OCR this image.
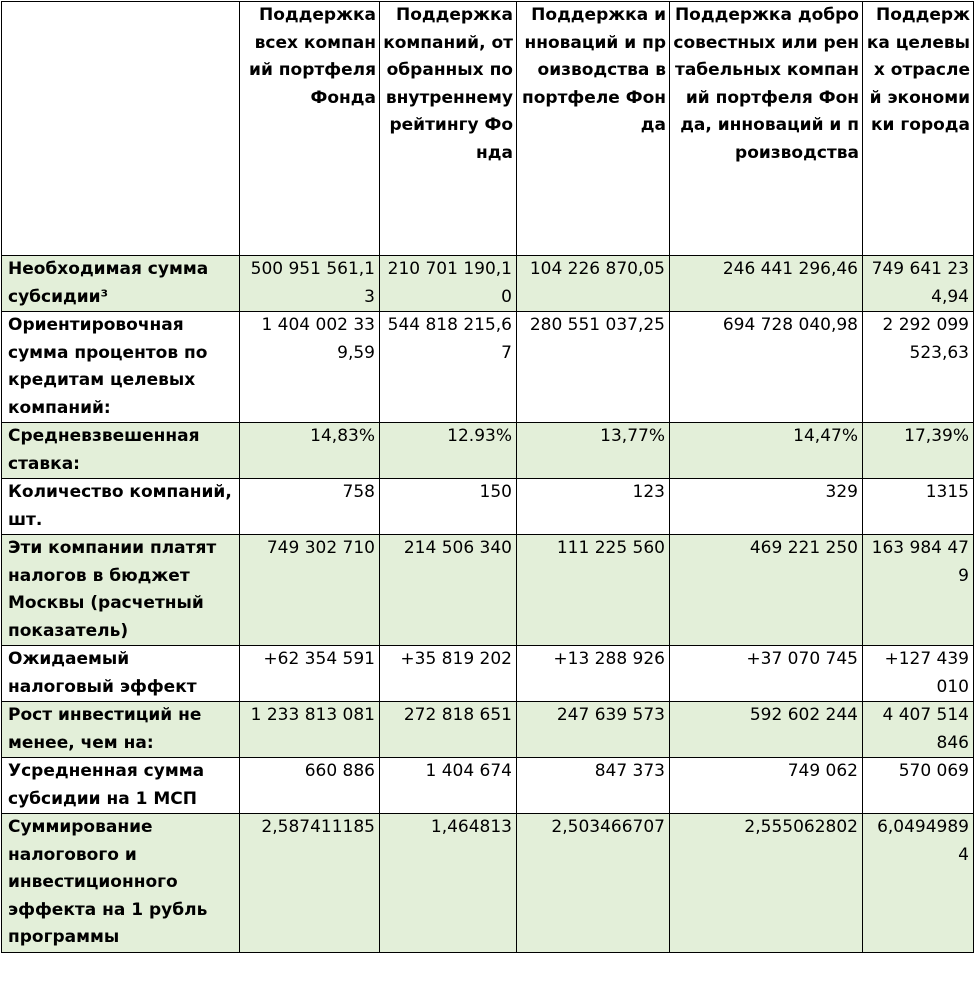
	Поддержка всех компаний портфеля Фонда	Поддержка компаний, отобранных по внутреннему рейтингу Фонда	Поддержка инноваций и производства в портфеле Фонда	Поддержка добросовестных или рентабельных компаний портфеля Фонда, инноваций и производства	Поддержка целевых отраслей экономики города
Необходимая сумма субсидии³	500 951 561,13	210 701 190,10	104 226 870,05	246 441 296,46	749 641 234,94
Ориентировочная сумма процентов по кредитам целевых компаний:	1 404 002 339,59	544 818 215,67	280 551 037,25	694 728 040,98	2 292 099 523,63
Средневзвешенная ставка:	14,83%	12.93%	13,77%	14,47%	17,39%
Количество компаний, шт.	758	150	123	329	1315
Эти компании платят налогов в бюджет Москвы (расчетный показатель)	749 302 710	214 506 340	111 225 560	469 221 250	163 984 479
Ожидаемый налоговый эффект	+62 354 591	+35 819 202	+13 288 926	+37 070 745	+127 439 010
Рост инвестиций не менее, чем на:	1 233 813 081	272 818 651	247 639 573	592 602 244	4 407 514 846
Усредненная сумма субсидии на 1 МСП	660 886	1 404 674	847 373	749 062	570 069
Суммирование налогового и инвестиционного эффекта на 1 рубль программы	2,587411185	1,464813	2,503466707	2,555062802	6,04949894
